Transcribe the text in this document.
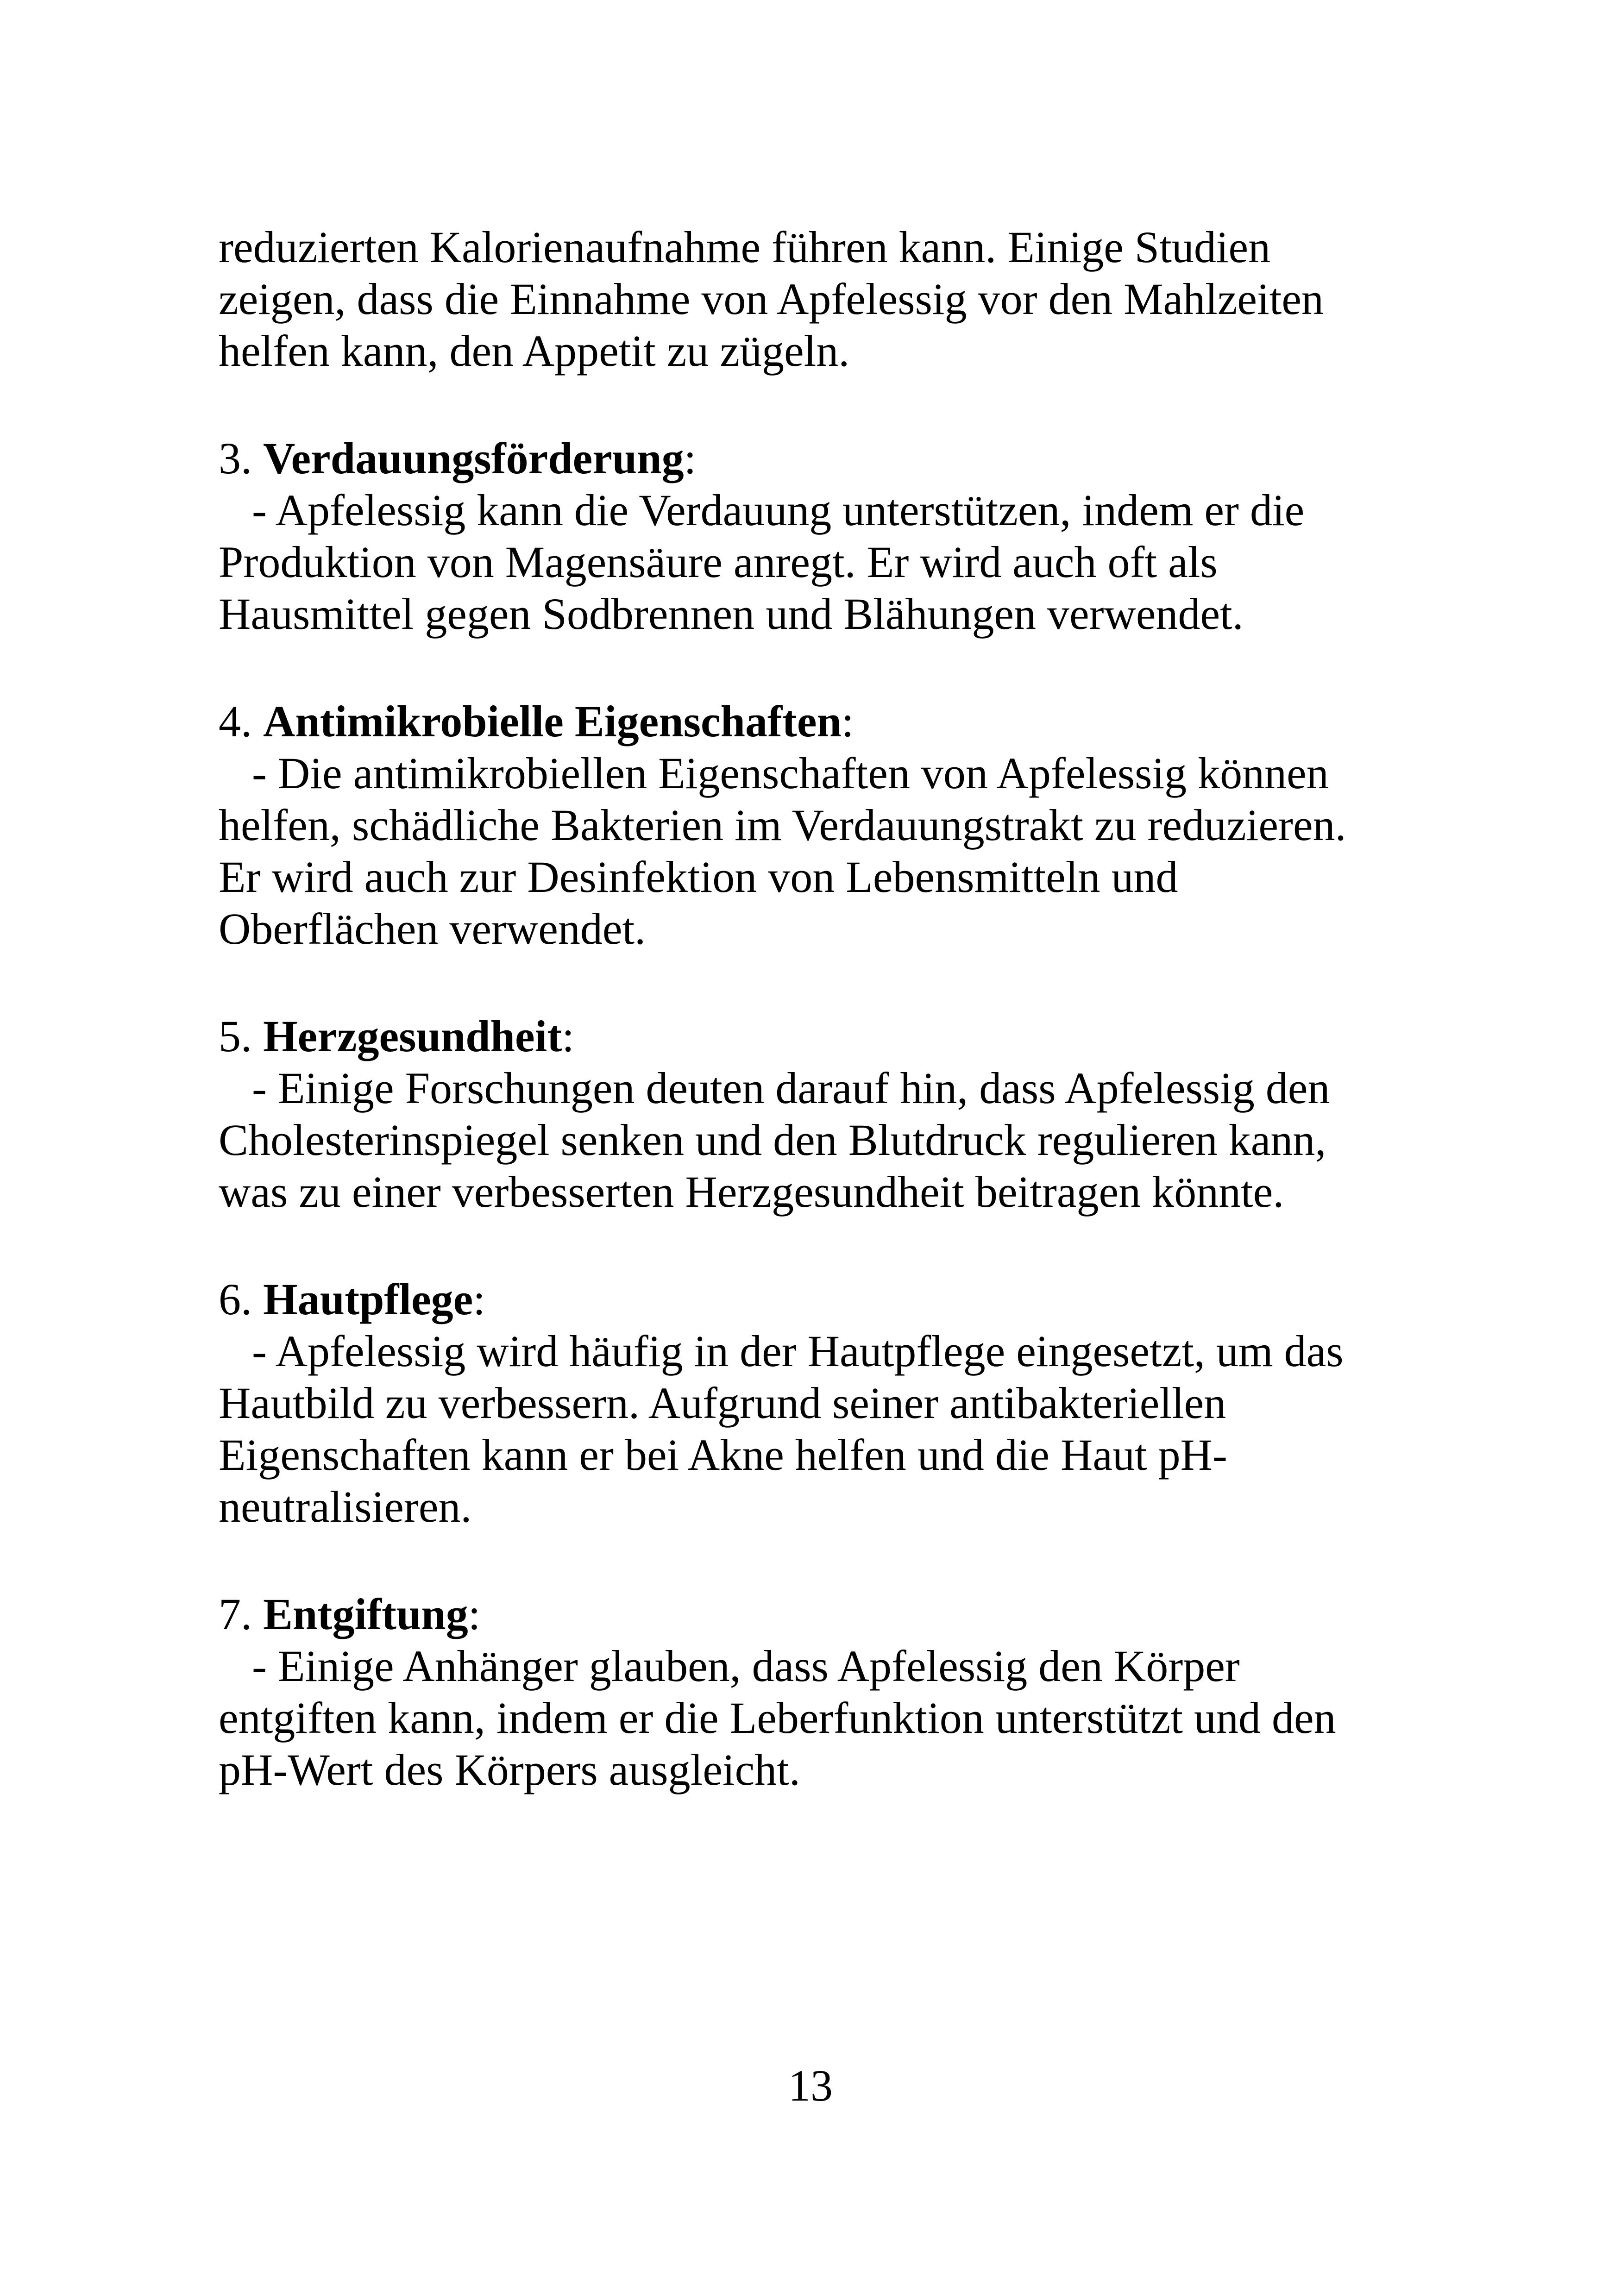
reduzierten Kalorienaufnahme führen kann. Einige Studien
zeigen, dass die Einnahme von Apfelessig vor den Mahlzeiten
helfen kann, den Appetit zu zügeln.
3. Verdauungsförderung:
- Apfelessig kann die Verdauung unterstützen, indem er die
Produktion von Magensäure anregt. Er wird auch oft als
Hausmittel gegen Sodbrennen und Blähungen verwendet.
4. Antimikrobielle Eigenschaften:
- Die antimikrobiellen Eigenschaften von Apfelessig können
helfen, schädliche Bakterien im Verdauungstrakt zu reduzieren.
Er wird auch zur Desinfektion von Lebensmitteln und
Oberflächen verwendet.
5. Herzgesundheit:
- Einige Forschungen deuten darauf hin, dass Apfelessig den
Cholesterinspiegel senken und den Blutdruck regulieren kann,
was zu einer verbesserten Herzgesundheit beitragen könnte.
6. Hautpflege:
- Apfelessig wird häufig in der Hautpflege eingesetzt, um das
Hautbild zu verbessern. Aufgrund seiner antibakteriellen
Eigenschaften kann er bei Akne helfen und die Haut pH-
neutralisieren.
7. Entgiftung:
- Einige Anhänger glauben, dass Apfelessig den Körper
entgiften kann, indem er die Leberfunktion unterstützt und den
pH-Wert des Körpers ausgleicht.
13
